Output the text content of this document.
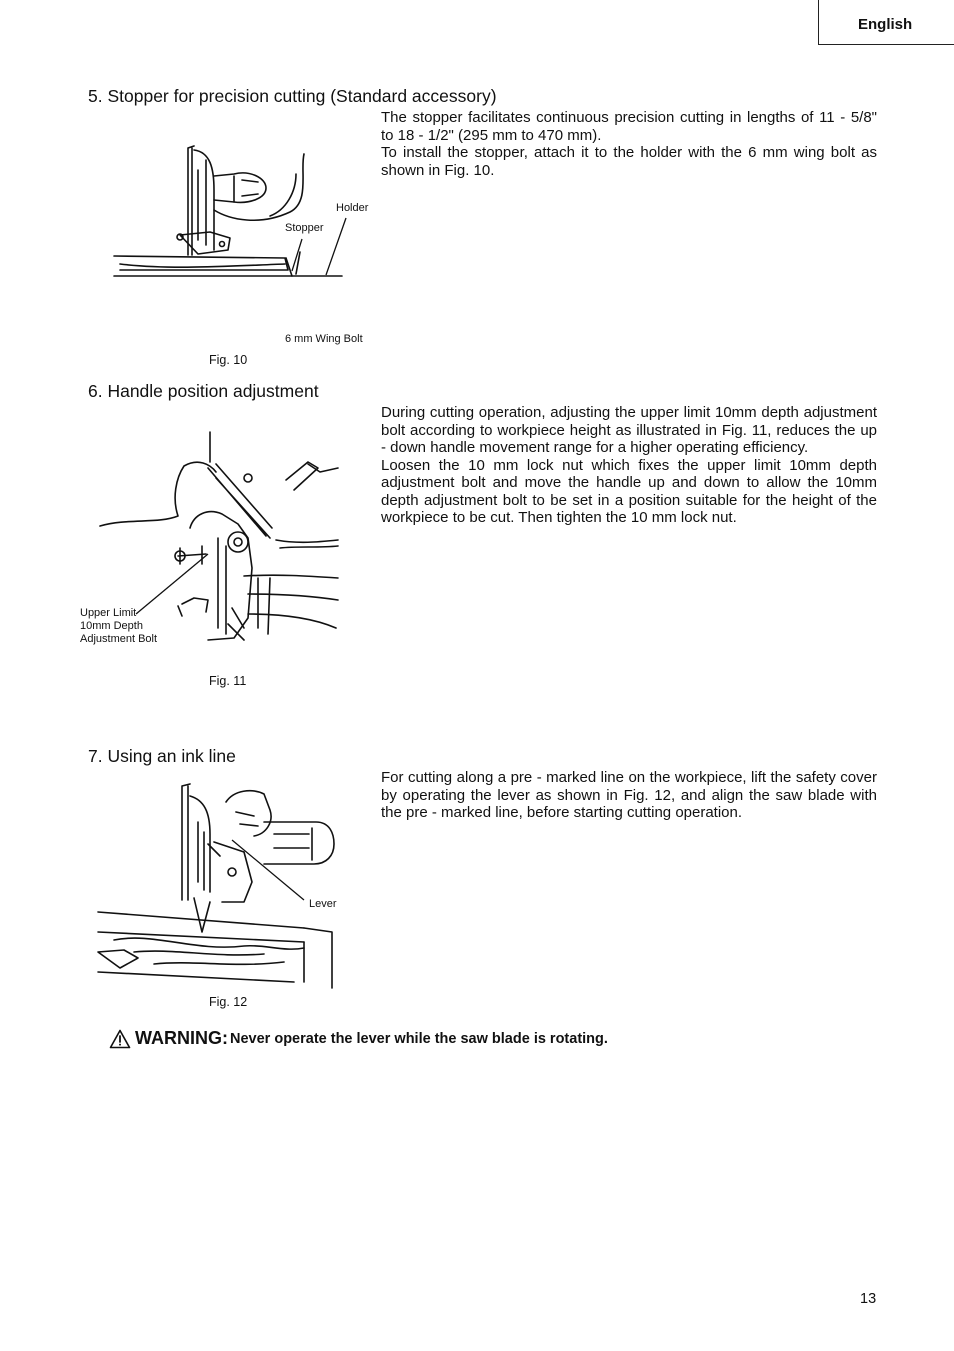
English
5. Stopper for precision cutting (Standard accessory)

The stopper facilitates continuous precision cutting in lengths of 11 - 5/8" to 18 - 1/2" (295 mm to 470 mm).

To install the stopper, attach it to the holder with the 6 mm wing bolt as shown in Fig. 10.

Holder
Stopper
6 mm Wing Bolt
Fig. 10
6. Handle position adjustment

During cutting operation, adjusting the upper limit 10mm depth adjustment bolt according to workpiece height as illustrated in Fig. 11, reduces the up - down handle movement range for a higher operating efficiency.

Loosen the 10 mm lock nut which fixes the upper limit 10mm depth adjustment bolt and move the handle up and down to allow the 10mm depth adjustment bolt to be set in a position suitable for the height of the workpiece to be cut. Then tighten the 10 mm lock nut.

Upper Limit
10mm Depth
Adjustment Bolt
Fig. 11
7. Using an ink line

For cutting along a pre - marked line on the workpiece, lift the safety cover by operating the lever as shown in Fig. 12, and align the saw blade with the pre - marked line, before starting cutting operation.

Lever
Fig. 12
WARNING: Never operate the lever while the saw blade is rotating.
13
